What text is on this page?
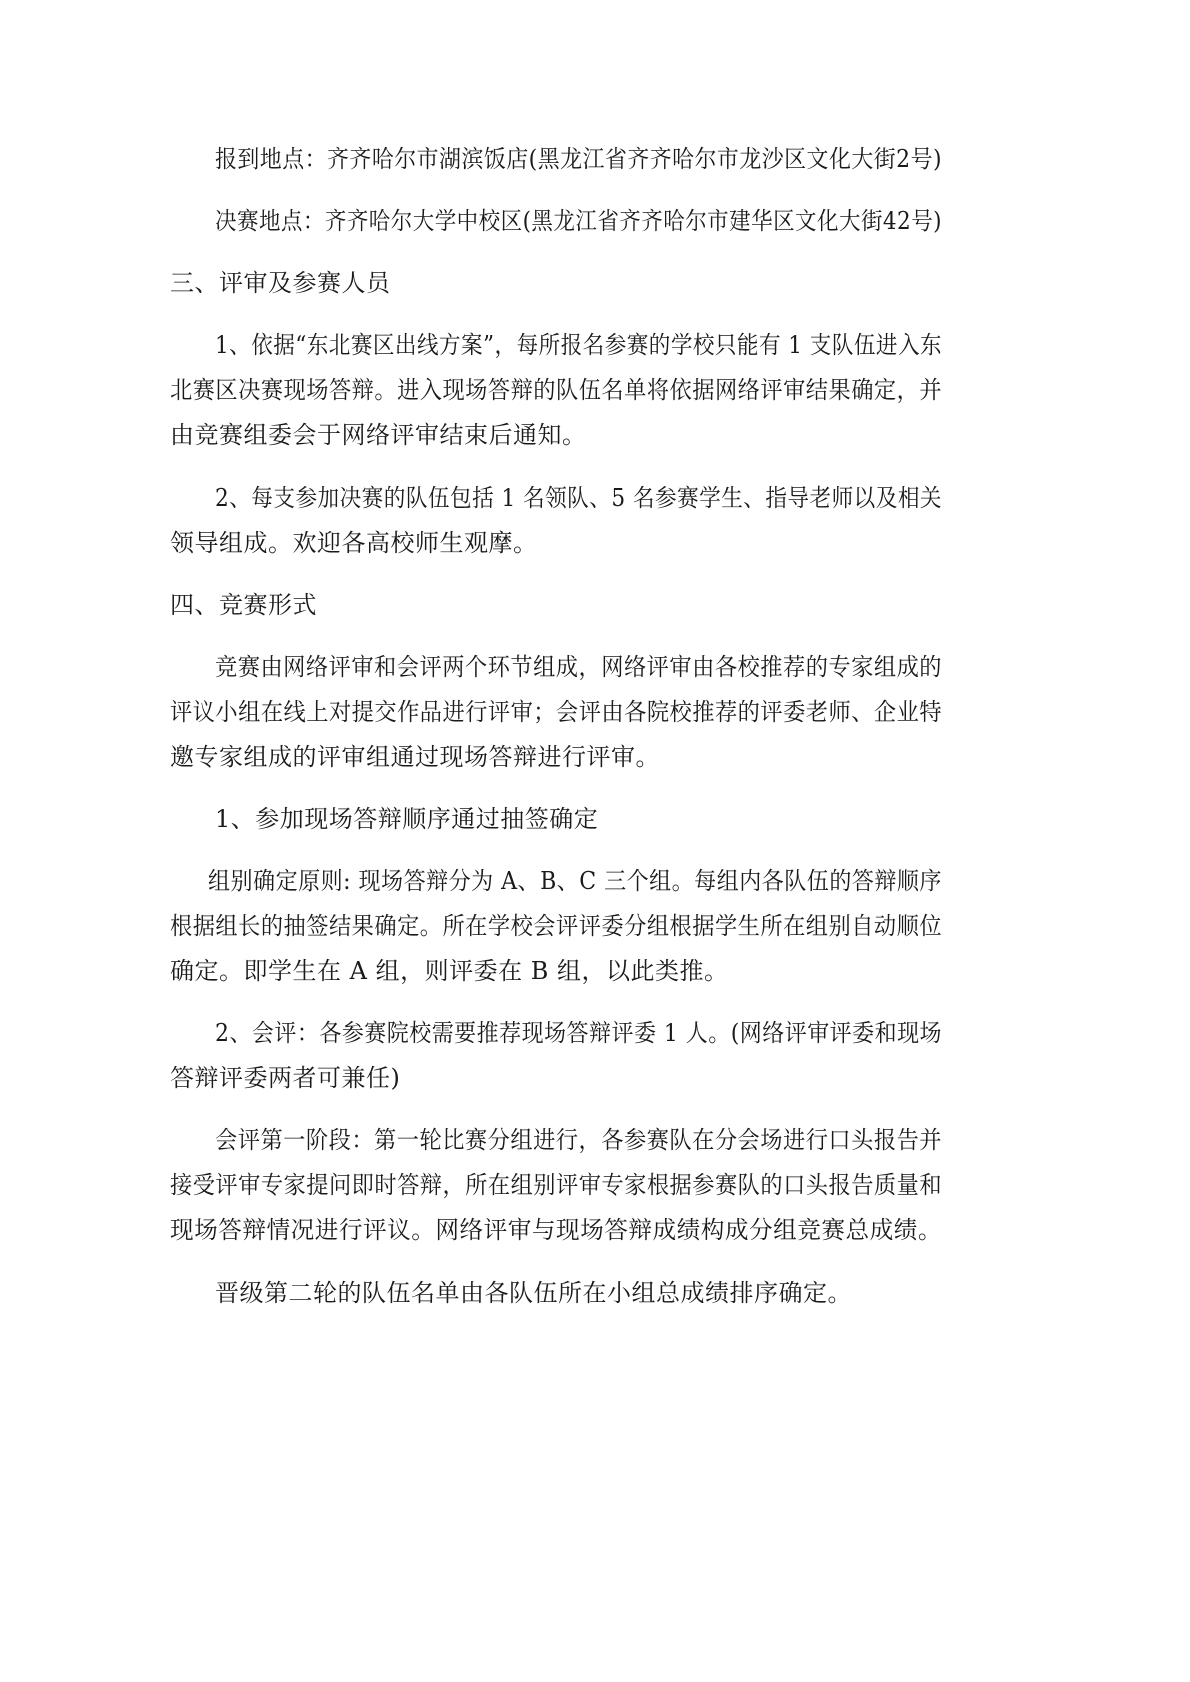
报到地点：齐齐哈尔市湖滨饭店(黑龙江省齐齐哈尔市龙沙区文化大街2号)
决赛地点：齐齐哈尔大学中校区(黑龙江省齐齐哈尔市建华区文化大街42号)
三、评审及参赛人员
1、依据“东北赛区出线方案”，每所报名参赛的学校只能有 1 支队伍进入东
北赛区决赛现场答辩。进入现场答辩的队伍名单将依据网络评审结果确定，并
由竞赛组委会于网络评审结束后通知。
2、每支参加决赛的队伍包括 1 名领队、5 名参赛学生、指导老师以及相关
领导组成。欢迎各高校师生观摩。
四、竞赛形式
竞赛由网络评审和会评两个环节组成，网络评审由各校推荐的专家组成的
评议小组在线上对提交作品进行评审；会评由各院校推荐的评委老师、企业特
邀专家组成的评审组通过现场答辩进行评审。
1、参加现场答辩顺序通过抽签确定
组别确定原则: 现场答辩分为 A、B、C 三个组。每组内各队伍的答辩顺序
根据组长的抽签结果确定。所在学校会评评委分组根据学生所在组别自动顺位
确定。即学生在 A 组，则评委在 B 组，以此类推。
2、会评：各参赛院校需要推荐现场答辩评委 1 人。(网络评审评委和现场
答辩评委两者可兼任)
会评第一阶段：第一轮比赛分组进行，各参赛队在分会场进行口头报告并
接受评审专家提问即时答辩，所在组别评审专家根据参赛队的口头报告质量和
现场答辩情况进行评议。网络评审与现场答辩成绩构成分组竞赛总成绩。
晋级第二轮的队伍名单由各队伍所在小组总成绩排序确定。
